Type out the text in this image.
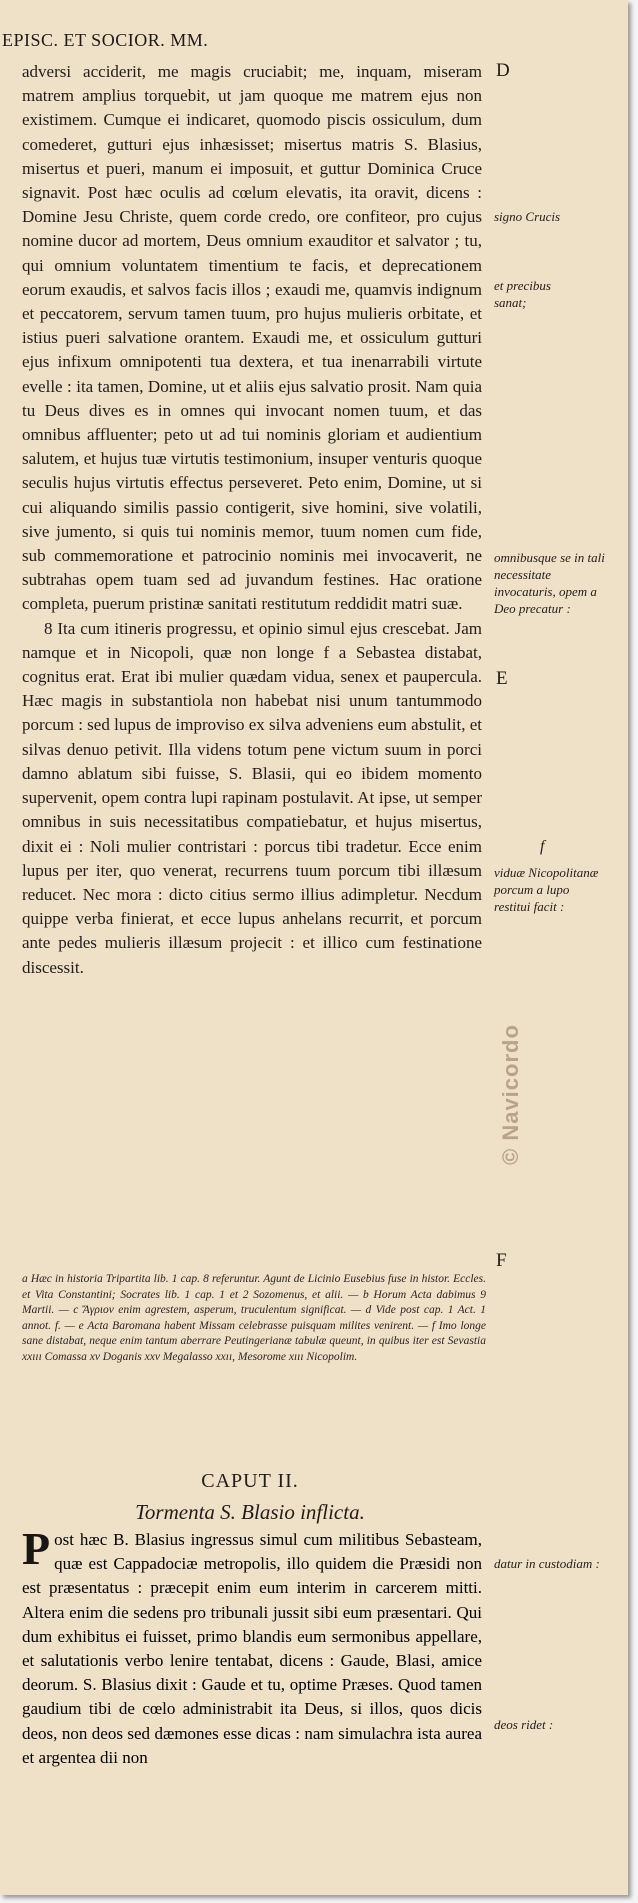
EPISC. ET SOCIOR. MM.

adversi acciderit, me magis cruciabit; me, inquam, miseram matrem amplius torquebit, ut jam quoque me matrem ejus non existimem. Cumque ei indicaret, quomodo piscis ossiculum, dum comederet, gutturi ejus inhæsisset; misertus matris S. Blasius, misertus et pueri, manum ei imposuit, et guttur Dominica Cruce signavit. Post hæc oculis ad cœlum elevatis, ita oravit, dicens : Domine Jesu Christe, quem corde credo, ore confiteor, pro cujus nomine ducor ad mortem, Deus omnium exauditor et salvator ; tu, qui omnium voluntatem timentium te facis, et deprecationem eorum exaudis, et salvos facis illos ; exaudi me, quamvis indignum et peccatorem, servum tamen tuum, pro hujus mulieris orbitate, et istius pueri salvatione orantem. Exaudi me, et ossiculum gutturi ejus infixum omnipotenti tua dextera, et tua inenarrabili virtute evelle : ita tamen, Domine, ut et aliis ejus salvatio prosit. Nam quia tu Deus dives es in omnes qui invocant nomen tuum, et das omnibus affluenter; peto ut ad tui nominis gloriam et audientium salutem, et hujus tuæ virtutis testimonium, insuper venturis quoque seculis hujus virtutis effectus perseveret. Peto enim, Domine, ut si cui aliquando similis passio contigerit, sive homini, sive volatili, sive jumento, si quis tui nominis memor, tuum nomen cum fide, sub commemoratione et patrocinio nominis mei invocaverit, ne subtrahas opem tuam sed ad juvandum festines. Hac oratione completa, puerum pristinæ sanitati restitutum reddidit matri suæ.

8 Ita cum itineris progressu, et opinio simul ejus crescebat. Jam namque et in Nicopoli, quæ non longe f a Sebastea distabat, cognitus erat. Erat ibi mulier quædam vidua, senex et paupercula. Hæc magis in substantiola non habebat nisi unum tantummodo porcum : sed lupus de improviso ex silva adveniens eum abstulit, et silvas denuo petivit. Illa videns totum pene victum suum in porci damno ablatum sibi fuisse, S. Blasii, qui eo ibidem momento supervenit, opem contra lupi rapinam postulavit. At ipse, ut semper omnibus in suis necessitatibus compatiebatur, et hujus misertus, dixit ei : Noli mulier contristari : porcus tibi tradetur. Ecce enim lupus per iter, quo venerat, recurrens tuum porcum tibi illæsum reducet. Nec mora : dicto citius sermo illius adimpletur. Necdum quippe verba finierat, et ecce lupus anhelans recurrit, et porcum ante pedes mulieris illæsum projecit : et illico cum festinatione discessit.

a Hæc in historia Tripartita lib. 1 cap. 8 referuntur. Agunt de Licinio Eusebius fuse in histor. Eccles. et Vita Constantini; Socrates lib. 1 cap. 1 et 2 Sozomenus, et alii. — b Horum Acta dabimus 9 Martii. — c Ἄγριον enim agrestem, asperum, truculentum significat. — d Vide post cap. 1 Act. 1 annot. f. — e Acta Baromana habent Missam celebrasse puisquam milites venirent. — f Imo longe sane distabat, neque enim tantum aberrare Peutingerianæ tabulæ queunt, in quibus iter est Sevastia xxııı Comassa xv Doganis xxv Megalasso xxıı, Mesorome xııı Nicopolim.
CAPUT II.
Tormenta S. Blasio inflicta.
P ost hæc B. Blasius ingressus simul cum militibus Sebasteam, quæ est Cappadociæ metropolis, illo quidem die Præsidi non est præsentatus : præcepit enim eum interim in carcerem mitti. Altera enim die sedens pro tribunali jussit sibi eum præsentari. Qui dum exhibitus ei fuisset, primo blandis eum sermonibus appellare, et salutationis verbo lenire tentabat, dicens : Gaude, Blasi, amice deorum. S. Blasius dixit : Gaude et tu, optime Præses. Quod tamen gaudium tibi de cœlo administrabit ita Deus, si illos, quos dicis deos, non deos sed dæmones esse dicas : nam simulachra ista aurea et argentea dii non
D
signo Crucis
et precibus sanat;
omnibusque se in tali necessitate invocaturis, opem a Deo precatur :
E
f
viduæ Nicopolitanæ porcum a lupo restitui facit :
F
datur in custodiam :
deos ridet :
© Navicordo
